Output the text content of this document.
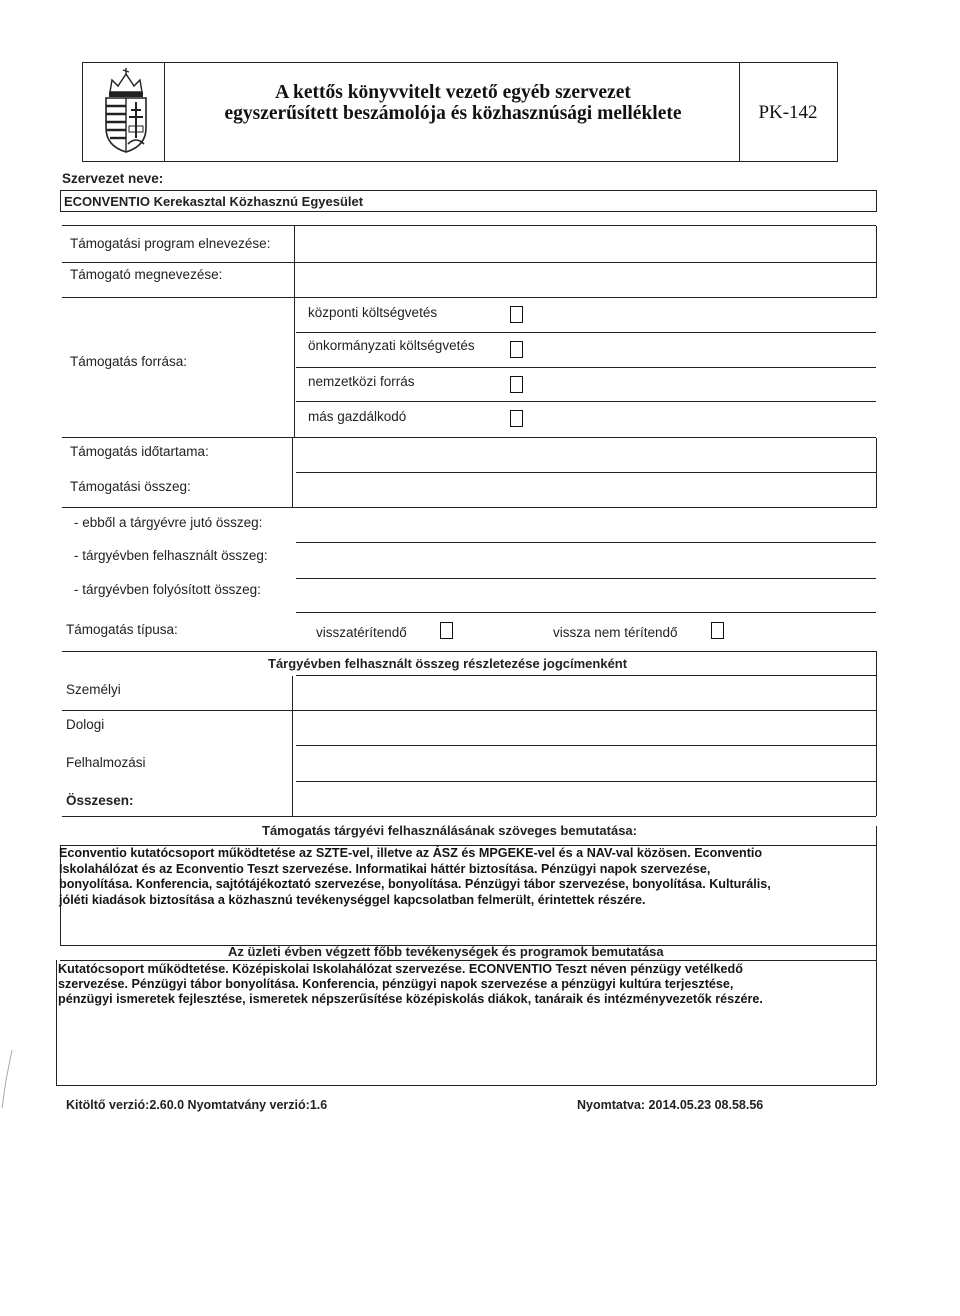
A kettős könyvvitelt vezető egyéb szervezet
egyszerűsített beszámolója és közhasznúsági melléklete	PK-142
Szervezet neve:
ECONVENTIO Kerekasztal Közhasznú Egyesület
Támogatási program elnevezése:
Támogató megnevezése:
Támogatás forrása:
központi költségvetés
önkormányzati költségvetés
nemzetközi forrás
más gazdálkodó
Támogatás időtartama:
Támogatási összeg:
- ebből a tárgyévre jutó összeg:
- tárgyévben felhasznált összeg:
- tárgyévben folyósított összeg:
Támogatás típusa:	visszatérítendő	vissza nem térítendő
Tárgyévben felhasznált összeg részletezése jogcímenként
Személyi
Dologi
Felhalmozási
Összesen:
Támogatás tárgyévi felhasználásának szöveges bemutatása:
Econventio kutatócsoport működtetése az SZTE-vel, illetve az ÁSZ és MPGEKE-vel és a NAV-val közösen. Econventio
Iskolahálózat és az Econventio Teszt szervezése. Informatikai háttér biztosítása. Pénzügyi napok szervezése,
bonyolítása. Konferencia, sajtótájékoztató szervezése, bonyolítása. Pénzügyi tábor szervezése, bonyolítása. Kulturális,
jóléti kiadások biztosítása a közhasznú tevékenységgel kapcsolatban felmerült, érintettek részére.
Az üzleti évben végzett főbb tevékenységek és programok bemutatása
Kutatócsoport működtetése. Középiskolai Iskolahálózat szervezése. ECONVENTIO Teszt néven pénzügy vetélkedő
szervezése. Pénzügyi tábor bonyolítása. Konferencia, pénzügyi napok szervezése a pénzügyi kultúra terjesztése,
pénzügyi ismeretek fejlesztése, ismeretek népszerűsítése középiskolás diákok, tanáraik és intézményvezetők részére.
Kitöltő verzió:2.60.0 Nyomtatvány verzió:1.6	Nyomtatva: 2014.05.23 08.58.56
